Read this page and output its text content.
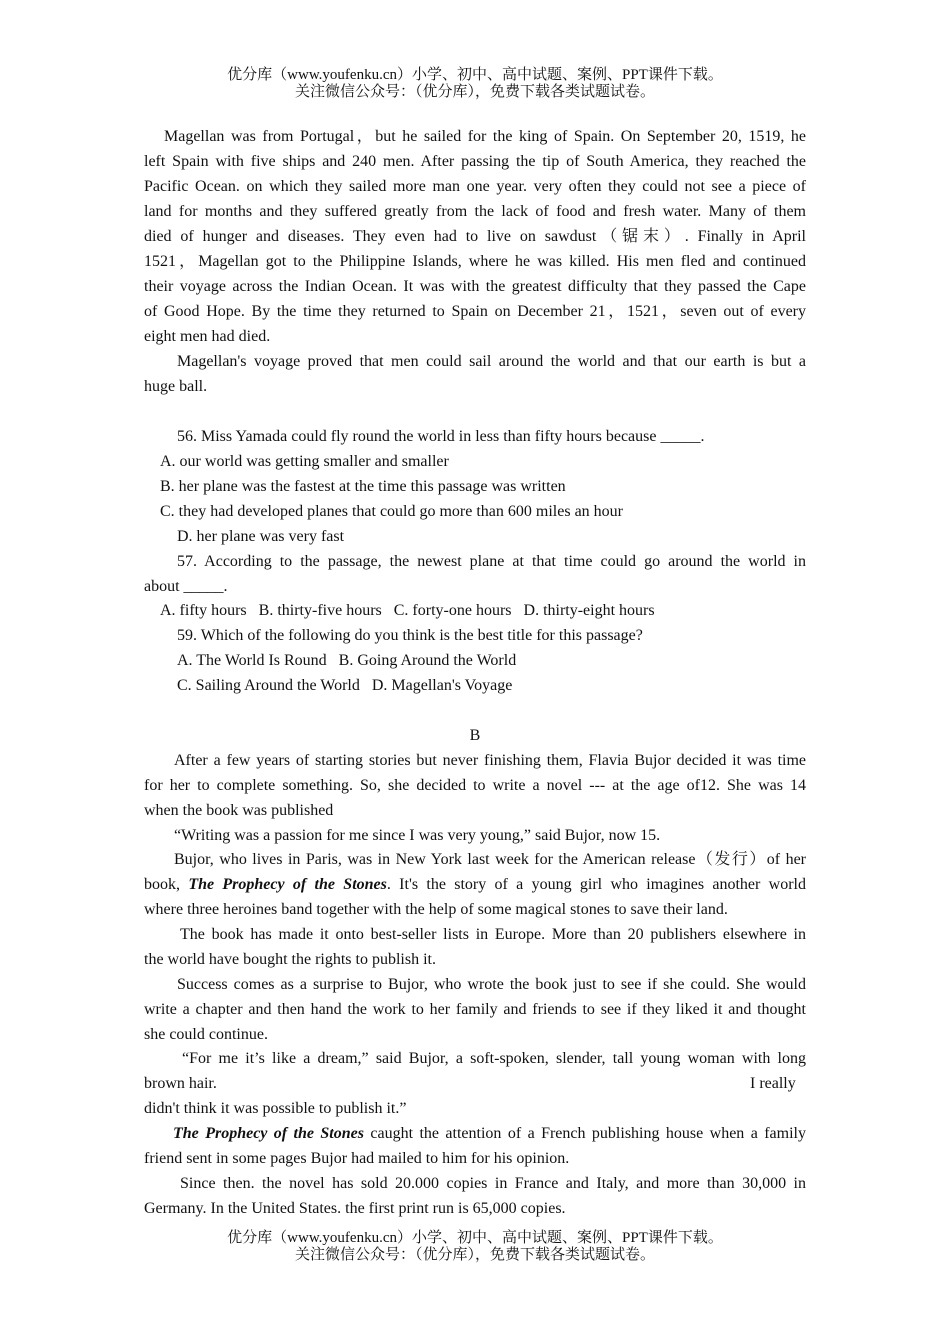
优分库（www.youfenku.cn）小学、初中、高中试题、案例、PPT课件下载。
关注微信公众号：（优分库），免费下载各类试题试卷。
Magellan was from Portugal，but he sailed for the king of Spain. On September 20, 1519, he
left Spain with five ships and 240 men. After passing the tip of South America, they reached the
Pacific Ocean. on which they sailed more man one year. very often they could not see a piece of
land for months and they suffered greatly from the lack of food and fresh water. Many of them
died of hunger and diseases. They even had to live on sawdust（锯末）. Finally in April
1521，Magellan got to the Philippine Islands, where he was killed. His men fled and continued
their voyage across the Indian Ocean. It was with the greatest difficulty that they passed the Cape
of Good Hope. By the time they returned to Spain on December 21，1521，seven out of every
eight men had died.
Magellan's voyage proved that men could sail around the world and that our earth is but a
huge ball.
56. Miss Yamada could fly round the world in less than fifty hours because _____.
A. our world was getting smaller and smaller
B. her plane was the fastest at the time this passage was written
C. they had developed planes that could go more than 600 miles an hour
D. her plane was very fast
57. According to the passage, the newest plane at that time could go around the world in
about _____.
A. fifty hours   B. thirty-five hours   C. forty-one hours   D. thirty-eight hours
59. Which of the following do you think is the best title for this passage?
A. The World Is Round   B. Going Around the World
C. Sailing Around the World   D. Magellan's Voyage
B
After a few years of starting stories but never finishing them, Flavia Bujor decided it was time
for her to complete something. So, she decided to write a novel --- at the age of12. She was 14
when the book was published
“Writing was a passion for me since I was very young,” said Bujor, now 15.
Bujor, who lives in Paris, was in New York last week for the American release（发行）of her
book, The Prophecy of the Stones. It's the story of a young girl who imagines another world
where three heroines band together with the help of some magical stones to save their land.
The book has made it onto best-seller lists in Europe. More than 20 publishers elsewhere in
the world have bought the rights to publish it.
Success comes as a surprise to Bujor, who wrote the book just to see if she could. She would
write a chapter and then hand the work to her family and friends to see if they liked it and thought
she could continue.
“For me it’s like a dream,” said Bujor, a soft-spoken, slender, tall young woman with long
brown hair.	I really
didn't think it was possible to publish it.”
The Prophecy of the Stones caught the attention of a French publishing house when a family
friend sent in some pages Bujor had mailed to him for his opinion.
Since then. the novel has sold 20.000 copies in France and Italy, and more than 30,000 in
Germany. In the United States. the first print run is 65,000 copies.
优分库（www.youfenku.cn）小学、初中、高中试题、案例、PPT课件下载。
关注微信公众号：（优分库），免费下载各类试题试卷。
